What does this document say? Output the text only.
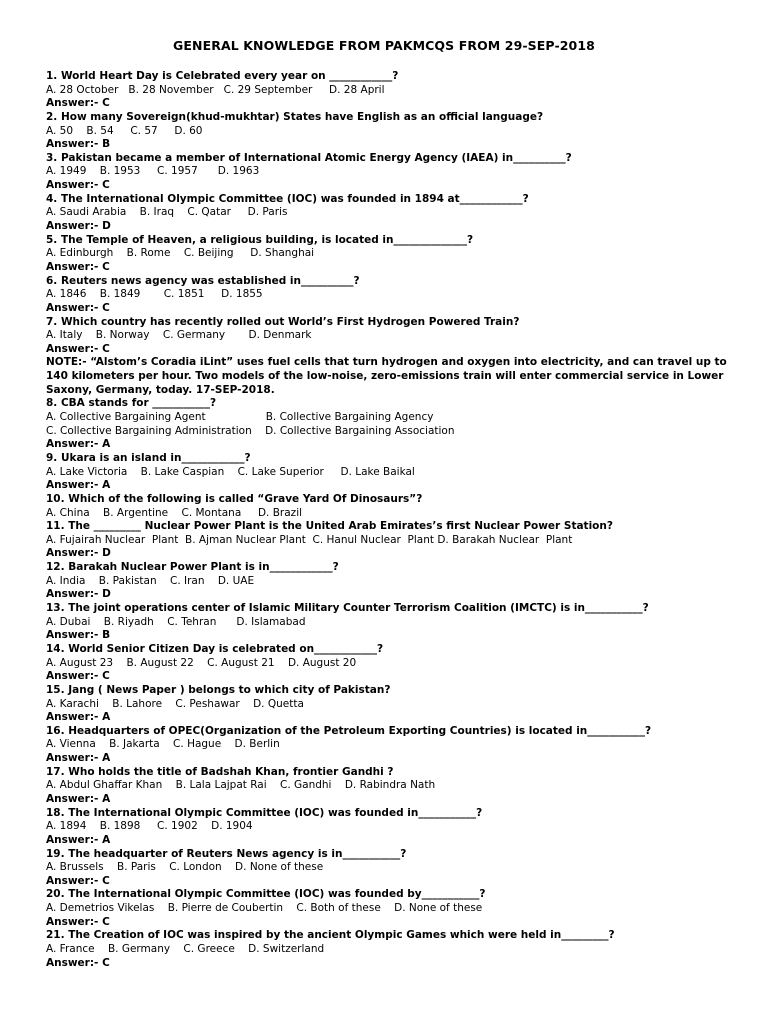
GENERAL KNOWLEDGE FROM PAKMCQS FROM 29-SEP-2018
1. World Heart Day is Celebrated every year on ____________?
A. 28 October   B. 28 November   C. 29 September     D. 28 April
Answer:- C
2. How many Sovereign(khud-mukhtar) States have English as an official language?
A. 50    B. 54     C. 57     D. 60
Answer:- B
3. Pakistan became a member of International Atomic Energy Agency (IAEA) in__________?
A. 1949    B. 1953     C. 1957      D. 1963
Answer:- C
4. The International Olympic Committee (IOC) was founded in 1894 at____________?
A. Saudi Arabia    B. Iraq    C. Qatar     D. Paris
Answer:- D
5. The Temple of Heaven, a religious building, is located in______________?
A. Edinburgh    B. Rome    C. Beijing     D. Shanghai
Answer:- C
6. Reuters news agency was established in__________?
A. 1846    B. 1849       C. 1851     D. 1855
Answer:- C
7. Which country has recently rolled out World’s First Hydrogen Powered Train?
A. Italy    B. Norway    C. Germany       D. Denmark
Answer:- C
NOTE:- “Alstom’s Coradia iLint” uses fuel cells that turn hydrogen and oxygen into electricity, and can travel up to 140 kilometers per hour. Two models of the low-noise, zero-emissions train will enter commercial service in Lower Saxony, Germany, today. 17-SEP-2018.
8. CBA stands for ___________?
A. Collective Bargaining Agent                  B. Collective Bargaining Agency
C. Collective Bargaining Administration    D. Collective Bargaining Association
Answer:- A
9. Ukara is an island in____________?
A. Lake Victoria    B. Lake Caspian    C. Lake Superior     D. Lake Baikal
Answer:- A
10. Which of the following is called “Grave Yard Of Dinosaurs”?
A. China    B. Argentine    C. Montana     D. Brazil
11. The _________ Nuclear Power Plant is the United Arab Emirates’s first Nuclear Power Station?
A. Fujairah Nuclear  Plant  B. Ajman Nuclear Plant  C. Hanul Nuclear  Plant D. Barakah Nuclear  Plant
Answer:- D
12. Barakah Nuclear Power Plant is in____________?
A. India    B. Pakistan    C. Iran    D. UAE
Answer:- D
13. The joint operations center of Islamic Military Counter Terrorism Coalition (IMCTC) is in___________?
A. Dubai    B. Riyadh    C. Tehran      D. Islamabad
Answer:- B
14. World Senior Citizen Day is celebrated on____________?
A. August 23    B. August 22    C. August 21    D. August 20
Answer:- C
15. Jang ( News Paper ) belongs to which city of Pakistan?
A. Karachi    B. Lahore    C. Peshawar    D. Quetta
Answer:- A
16. Headquarters of OPEC(Organization of the Petroleum Exporting Countries) is located in___________?
A. Vienna    B. Jakarta    C. Hague    D. Berlin
Answer:- A
17. Who holds the title of Badshah Khan, frontier Gandhi ?
A. Abdul Ghaffar Khan    B. Lala Lajpat Rai    C. Gandhi    D. Rabindra Nath
Answer:- A
18. The International Olympic Committee (IOC) was founded in___________?
A. 1894    B. 1898     C. 1902    D. 1904
Answer:- A
19. The headquarter of Reuters News agency is in___________?
A. Brussels    B. Paris    C. London    D. None of these
Answer:- C
20. The International Olympic Committee (IOC) was founded by___________?
A. Demetrios Vikelas    B. Pierre de Coubertin    C. Both of these    D. None of these
Answer:- C
21. The Creation of IOC was inspired by the ancient Olympic Games which were held in_________?
A. France    B. Germany    C. Greece    D. Switzerland
Answer:- C
